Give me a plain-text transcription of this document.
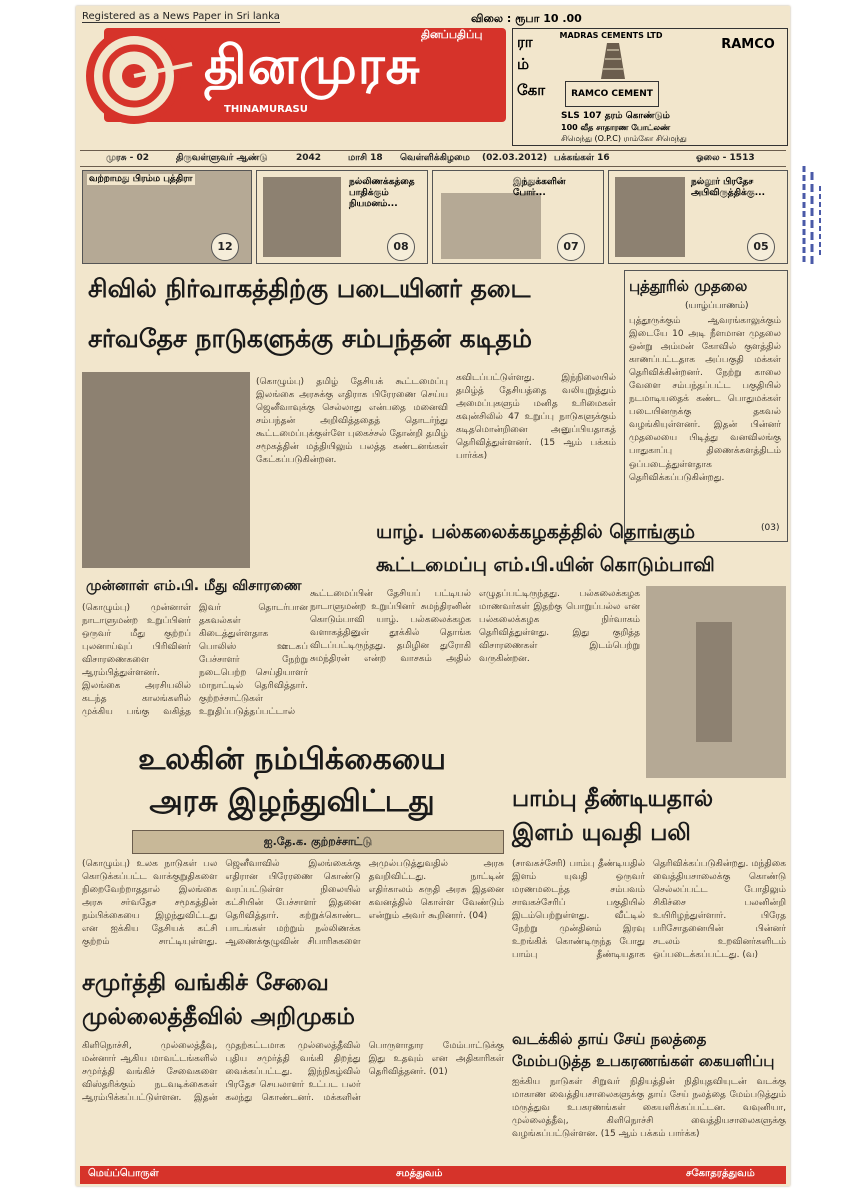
Registered as a News Paper in Sri lanka	விலை : ரூபா 10 .00
தினப்பதிப்பு
தினமுரசு
THINAMURASU
ரா
ம்
கோ
MADRAS CEMENTS LTD
RAMCO CEMENT
RAMCO
SLS 107 தரம் கொண்டும்
100 வீத சாதாரண போட்லண்
சிமெந்து (O.P.C) ராம்கோ சிமெந்து
முரசு - 02	திருவள்ளுவர் ஆண்டு	2042	மாசி 18 வெள்ளிக்கிழமை (02.03.2012) பக்கங்கள் 16	ஓலை - 1513
வற்றாமது பிரம்ம புத்திரா
12
நல்லிணக்கத்தை பாதிக்கும் நியமனம்...
08
இந்துக்களின் போர்...
07
நல்லூர் பிரதேச அபிவிருத்திக்கு...
05
சிவில் நிர்வாகத்திற்கு படையினர் தடை
சர்வதேச நாடுகளுக்கு சம்பந்தன் கடிதம்
(கொழும்பு) தமிழ் தேசியக் கூட்டமைப்பு இலங்கை அரசுக்கு எதிராக பிரேரணை செய்ய ஜெனீவாவுக்கு செல்லாது என்பதை மனைவி சம்பந்தன் அறிவித்ததைத் தொடர்ந்து கூட்டமைப்புக்குள்ளே புகைச்சல் தோன்றி தமிழ் சமூகத்தின் மத்தியிலும் பலத்த கண்டனங்கள் கேட்கப்படுகின்றன.
கவிடப்பட்டுள்ளது. இந்நிலையில் தமிழ்த் தேசியத்தை வலியுறுத்தும் அமைப்புகளும் மனித உரிமைகள் கவுன்சிலில் 47 உறுப்பு நாடுகளுக்கும் கடிதமொன்றினை அனுப்பியதாகத் தெரிவித்துள்ளனர். (15 ஆம் பக்கம் பார்க்க)
புத்தூரில் முதலை
(யாழ்ப்பாணம்)
புத்தூருக்கும் ஆவரங்காலுக்கும் இடையே 10 அடி நீளமான முதலை ஒன்று அம்மன் கோவில் குளத்தில் காணப்பட்டதாக அப்பகுதி மக்கள் தெரிவிக்கின்றனர். நேற்று காலை வேளை சம்பந்தப்பட்ட பகுதியில் நடமாடியதைக் கண்ட பொதுமக்கள் படையினருக்கு தகவல் வழங்கியுள்ளனர். இதன் பின்னர் முதலையை பிடித்து வனவிலங்கு பாதுகாப்பு திணைக்களத்திடம் ஒப்படைத்துள்ளதாக தெரிவிக்கப்படுகின்றது.
(03)
யாழ். பல்கலைக்கழகத்தில் தொங்கும்
கூட்டமைப்பு எம்.பி.யின் கொடும்பாவி
கூட்டமைப்பின் தேசியப் பட்டியல் நாடாளுமன்ற உறுப்பினர் சுமந்திரனின் கொடும்பாவி யாழ். பல்கலைக்கழக வளாகத்தினுள் தூக்கில் தொங்க விடப்பட்டிருந்தது. தமிழின துரோகி சுமந்திரன் என்ற வாசகம் அதில் எழுதப்பட்டிருந்தது. பல்கலைக்கழக மாணவர்கள் இதற்கு பொறுப்பல்ல என பல்கலைக்கழக நிர்வாகம் தெரிவித்துள்ளது. இது குறித்த விசாரணைகள் இடம்பெற்று வருகின்றன.
முன்னாள் எம்.பி. மீது விசாரணை
(கொழும்பு) முன்னாள் நாடாளுமன்ற உறுப்பினர் ஒருவர் மீது குற்றப் புலனாய்வுப் பிரிவினர் விசாரணைகளை ஆரம்பித்துள்ளனர். இலங்கை அரசியலில் கடந்த காலங்களில் முக்கிய பங்கு வகித்த இவர் தொடர்பான தகவல்கள் கிடைத்துள்ளதாக பொலிஸ் ஊடகப் பேச்சாளர் நேற்று நடைபெற்ற செய்தியாளர் மாநாட்டில் தெரிவித்தார். குற்றச்சாட்டுகள் உறுதிப்படுத்தப்பட்டால்
உலகின் நம்பிக்கையை
அரசு இழந்துவிட்டது
ஐ.தே.க. குற்றச்சாட்டு
(கொழும்பு) உலக நாடுகள் பல கொடுக்கப்பட்ட வாக்குறுதிகளை நிறைவேற்றாததால் இலங்கை அரசு சர்வதேச சமூகத்தின் நம்பிக்கையை இழந்துவிட்டது என ஐக்கிய தேசியக் கட்சி குற்றம் சாட்டியுள்ளது. ஜெனீவாவில் இலங்கைக்கு எதிரான பிரேரணை கொண்டு வரப்பட்டுள்ள நிலையில் கட்சியின் பேச்சாளர் இதனை தெரிவித்தார். கற்றுக்கொண்ட பாடங்கள் மற்றும் நல்லிணக்க ஆணைக்குழுவின் சிபாரிசுகளை அமுல்படுத்துவதில் அரசு தவறிவிட்டது. நாட்டின் எதிர்காலம் கருதி அரசு இதனை கவனத்தில் கொள்ள வேண்டும் என்றும் அவர் கூறினார். (04)
பாம்பு தீண்டியதால்
இளம் யுவதி பலி
(சாவகச்சேரி) பாம்பு தீண்டியதில் இளம் யுவதி ஒருவர் மரணமடைந்த சம்பவம் சாவகச்சேரிப் பகுதியில் இடம்பெற்றுள்ளது. வீட்டில் நேற்று முன்தினம் இரவு உறங்கிக் கொண்டிருந்த போது பாம்பு தீண்டியதாக தெரிவிக்கப்படுகின்றது. மந்திகை வைத்தியசாலைக்கு கொண்டு செல்லப்பட்ட போதிலும் சிகிச்சை பலனின்றி உயிரிழந்துள்ளார். பிரேத பரிசோதனையின் பின்னர் சடலம் உறவினர்களிடம் ஒப்படைக்கப்பட்டது. (வ)
சமுர்த்தி வங்கிச் சேவை
முல்லைத்தீவில் அறிமுகம்
கிளிநொச்சி, முல்லைத்தீவு, மன்னார் ஆகிய மாவட்டங்களில் சமுர்த்தி வங்கிச் சேவைகளை விஸ்தரிக்கும் நடவடிக்கைகள் ஆரம்பிக்கப்பட்டுள்ளன. இதன் முதற்கட்டமாக முல்லைத்தீவில் புதிய சமுர்த்தி வங்கி திறந்து வைக்கப்பட்டது. இந்நிகழ்வில் பிரதேச செயலாளர் உட்பட பலர் கலந்து கொண்டனர். மக்களின் பொருளாதார மேம்பாட்டுக்கு இது உதவும் என அதிகாரிகள் தெரிவித்தனர். (01)
வடக்கில் தாய் சேய் நலத்தை
மேம்படுத்த உபகரணங்கள் கையளிப்பு
ஐக்கிய நாடுகள் சிறுவர் நிதியத்தின் நிதியுதவியுடன் வடக்கு மாகாண வைத்தியசாலைகளுக்கு தாய் சேய் நலத்தை மேம்படுத்தும் மருத்துவ உபகரணங்கள் கையளிக்கப்பட்டன. வவுனியா, முல்லைத்தீவு, கிளிநொச்சி வைத்தியசாலைகளுக்கு வழங்கப்பட்டுள்ளன. (15 ஆம் பக்கம் பார்க்க)
மெய்ப்பொருள்	சமத்துவம்	சகோதரத்துவம்
